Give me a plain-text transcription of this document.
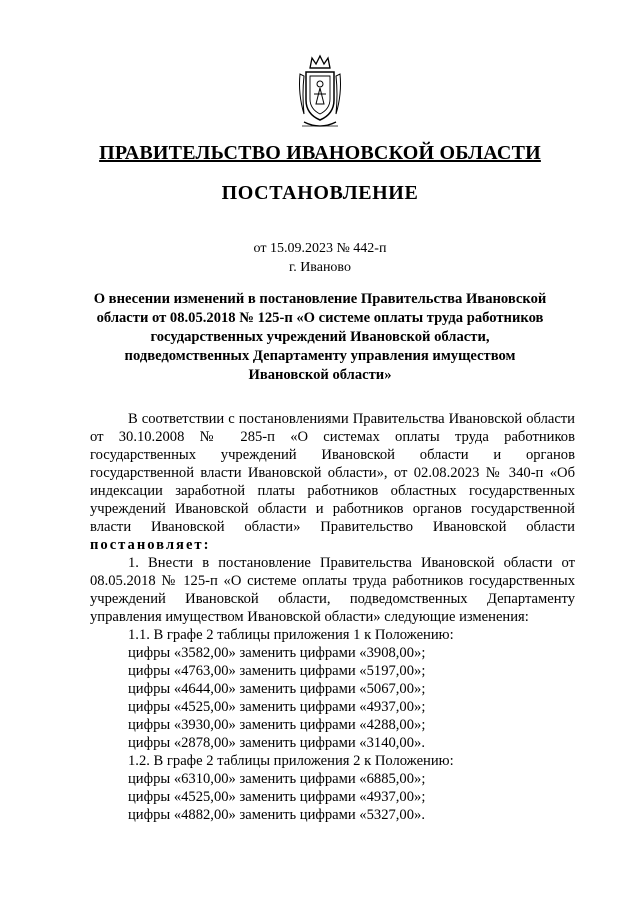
ПРАВИТЕЛЬСТВО ИВАНОВСКОЙ ОБЛАСТИ
ПОСТАНОВЛЕНИЕ
от 15.09.2023 № 442-п
г. Иваново
О внесении изменений в постановление Правительства Ивановской области от 08.05.2018 № 125-п «О системе оплаты труда работников государственных учреждений Ивановской области, подведомственных Департаменту управления имуществом Ивановской области»

В соответствии с постановлениями Правительства Ивановской области от 30.10.2008 № 285-п «О системах оплаты труда работников государственных учреждений Ивановской области и органов государственной власти Ивановской области», от 02.08.2023 № 340-п «Об индексации заработной платы работников областных государственных учреждений Ивановской области и работников органов государственной власти Ивановской области» Правительство Ивановской области постановляет:

1. Внести в постановление Правительства Ивановской области от 08.05.2018 № 125-п «О системе оплаты труда работников государственных учреждений Ивановской области, подведомственных Департаменту управления имуществом Ивановской области» следующие изменения:

1.1. В графе 2 таблицы приложения 1 к Положению:

цифры «3582,00» заменить цифрами «3908,00»;

цифры «4763,00» заменить цифрами «5197,00»;

цифры «4644,00» заменить цифрами «5067,00»;

цифры «4525,00» заменить цифрами «4937,00»;

цифры «3930,00» заменить цифрами «4288,00»;

цифры «2878,00» заменить цифрами «3140,00».

1.2. В графе 2 таблицы приложения 2 к Положению:

цифры «6310,00» заменить цифрами «6885,00»;

цифры «4525,00» заменить цифрами «4937,00»;

цифры «4882,00» заменить цифрами «5327,00».
